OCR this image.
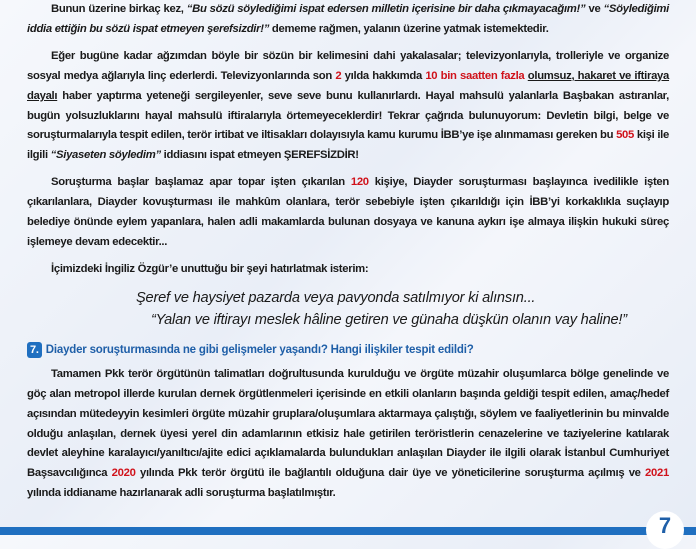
Bunun üzerine birkaç kez, “Bu sözü söylediğimi ispat edersen milletin içerisine bir daha çıkmayacağım!” ve “Söylediğimi iddia ettiğin bu sözü ispat etmeyen şerefsizdir!” dememe rağmen, yalanın üzerine yatmak istemektedir.
Eğer bugüne kadar ağzımdan böyle bir sözün bir kelimesini dahi yakalasalar; televizyonlarıyla, trolleriyle ve organize sosyal medya ağlarıyla linç ederlerdi. Televizyonlarında son 2 yılda hakkımda 10 bin saatten fazla olumsuz, hakaret ve iftiraya dayalı haber yaptırma yeteneği sergileyenler, seve seve bunu kullanırlardı. Hayal mahsulü yalanlarla Başbakan astıranlar, bugün yolsuzluklarını hayal mahsulü iftiralarıyla örtemeyeceklerdir! Tekrar çağrıda bulunuyorum: Devletin bilgi, belge ve soruşturmalarıyla tespit edilen, terör irtibat ve iltisakları dolayısıyla kamu kurumu İBB’ye işe alınmaması gereken bu 505 kişi ile ilgili “Siyaseten söyledim” iddiasını ispat etmeyen ŞEREFSİZDİR!
Soruşturma başlar başlamaz apar topar işten çıkarılan 120 kişiye, Diayder soruşturması başlayınca ivedilikle işten çıkarılanlara, Diayder kovuşturması ile mahkûm olanlara, terör sebebiyle işten çıkarıldığı için İBB’yi korkaklıkla suçlayıp belediye önünde eylem yapanlara, halen adli makamlarda bulunan dosyaya ve kanuna aykırı işe almaya ilişkin hukuki süreç işlemeye devam edecektir...
İçimizdeki İngiliz Özgür’e unuttuğu bir şeyi hatırlatmak isterim:
Şeref ve haysiyet pazarda veya pavyonda satılmıyor ki alınsın...
“Yalan ve iftirayı meslek hâline getiren ve günaha düşkün olanın vay haline!”
7. Diayder soruşturmasında ne gibi gelişmeler yaşandı? Hangi ilişkiler tespit edildi?
Tamamen Pkk terör örgütünün talimatları doğrultusunda kurulduğu ve örgüte müzahir oluşumlarca bölge genelinde ve göç alan metropol illerde kurulan dernek örgütlenmeleri içerisinde en etkili olanların başında geldiği tespit edilen, amaç/hedef açısından mütedeyyin kesimleri örgüte müzahir gruplara/oluşumlara aktarmaya çalıştığı, söylem ve faaliyetlerinin bu minvalde olduğu anlaşılan, dernek üyesi yerel din adamlarının etkisiz hale getirilen teröristlerin cenazelerine ve taziyelerine katılarak devlet aleyhine karalayıcı/yanıltıcı/ajite edici açıklamalarda bulundukları anlaşılan Diayder ile ilgili olarak İstanbul Cumhuriyet Başsavcılığınca 2020 yılında Pkk terör örgütü ile bağlantılı olduğuna dair üye ve yöneticilerine soruşturma açılmış ve 2021 yılında iddianame hazırlanarak adli soruşturma başlatılmıştır.
7
